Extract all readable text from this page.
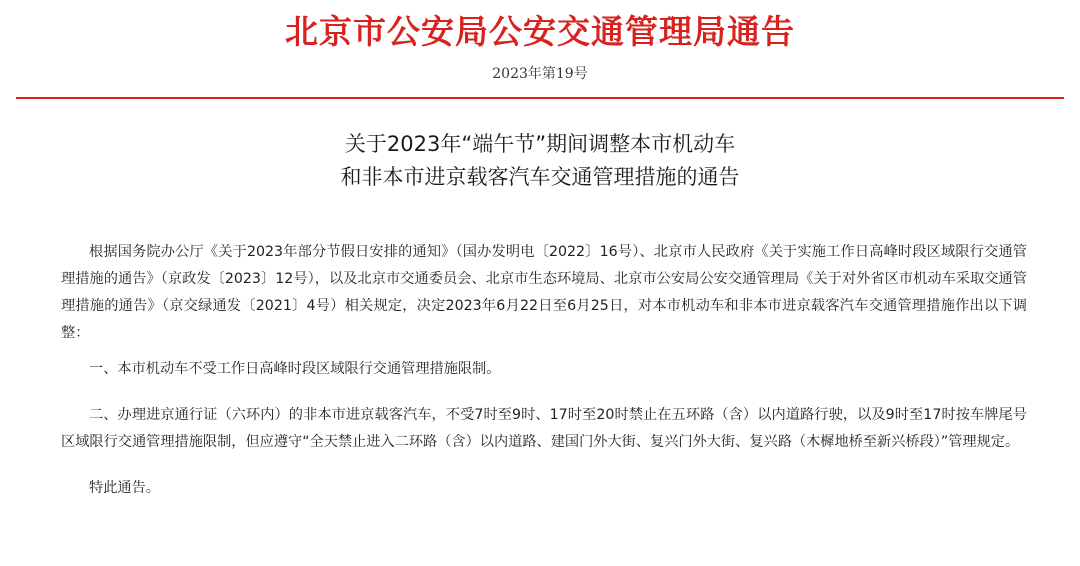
北京市公安局公安交通管理局通告
2023年第19号
关于2023年“端午节”期间调整本市机动车
和非本市进京载客汽车交通管理措施的通告

根据国务院办公厅《关于2023年部分节假日安排的通知》（国办发明电〔2022〕16号）、北京市人民政府《关于实施工作日高峰时段区域限行交通管理措施的通告》（京政发〔2023〕12号），以及北京市交通委员会、北京市生态环境局、北京市公安局公安交通管理局《关于对外省区市机动车采取交通管理措施的通告》（京交绿通发〔2021〕4号）相关规定，决定2023年6月22日至6月25日，对本市机动车和非本市进京载客汽车交通管理措施作出以下调整：

一、本市机动车不受工作日高峰时段区域限行交通管理措施限制。

二、办理进京通行证（六环内）的非本市进京载客汽车，不受7时至9时、17时至20时禁止在五环路（含）以内道路行驶，以及9时至17时按车牌尾号区域限行交通管理措施限制，但应遵守“全天禁止进入二环路（含）以内道路、建国门外大街、复兴门外大街、复兴路（木樨地桥至新兴桥段）”管理规定。

特此通告。
